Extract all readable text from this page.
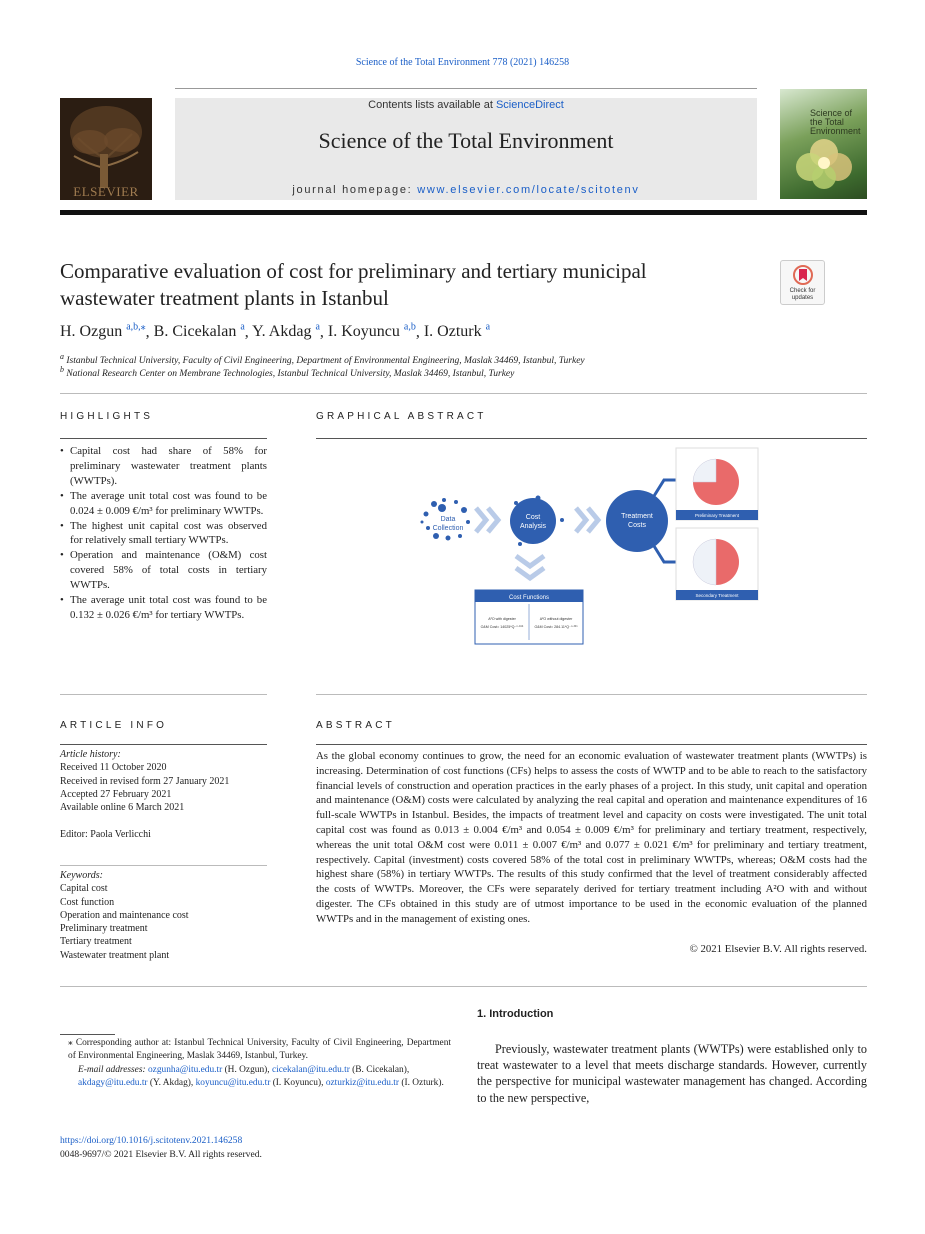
Science of the Total Environment 778 (2021) 146258
ELSEVIER
Contents lists available at ScienceDirect
Science of the Total Environment
journal homepage: www.elsevier.com/locate/scitotenv
Science of the Total Environment
Comparative evaluation of cost for preliminary and tertiary municipal
wastewater treatment plants in Istanbul	Check for
updates
H. Ozgun $^{a,b,⁎}$, B. Cicekalan $^a$, Y. Akdag $^a$, I. Koyuncu $^{a,b}$, I. Ozturk $^a$
$^a$ Istanbul Technical University, Faculty of Civil Engineering, Department of Environmental Engineering, Maslak 34469, Istanbul, Turkey
$^b$ National Research Center on Membrane Technologies, Istanbul Technical University, Maslak 34469, Istanbul, Turkey
HIGHLIGHTS
• Capital cost had share of 58% for preliminary wastewater treatment plants (WWTPs).
• The average unit total cost was found to be 0.024 ± 0.009 €/m³ for preliminary WWTPs.
• The highest unit capital cost was observed for relatively small tertiary WWTPs.
• Operation and maintenance (O&M) cost covered 58% of total costs in tertiary WWTPs.
• The average unit total cost was found to be 0.132 ± 0.026 €/m³ for tertiary WWTPs.
GRAPHICAL ABSTRACT
Data
Collection
Cost
Analysis
Treatment
Costs
Preliminary Treatment
Secondary Treatment
Cost Functions
A²O with digester
O&M Cost= 14025*Q⁻⁰·⁶⁶⁶
A²O without digester
O&M Cost= 284.11*Q⁻⁰·³⁹¹
ARTICLE INFO
Article history:
Received 11 October 2020
Received in revised form 27 January 2021
Accepted 27 February 2021
Available online 6 March 2021
Editor: Paola Verlicchi
Keywords:
Capital cost
Cost function
Operation and maintenance cost
Preliminary treatment
Tertiary treatment
Wastewater treatment plant
ABSTRACT
As the global economy continues to grow, the need for an economic evaluation of wastewater treatment plants (WWTPs) is increasing. Determination of cost functions (CFs) helps to assess the costs of WWTP and to be able to reach to the satisfactory financial levels of construction and operation practices in the early phases of a project. In this study, unit capital and operation and maintenance (O&M) costs were calculated by analyzing the real capital and operation and maintenance expenditures of 16 full-scale WWTPs in Istanbul. Besides, the impacts of treatment level and capacity on costs were investigated. The unit total capital cost was found as 0.013 ± 0.004 €/m³ and 0.054 ± 0.009 €/m³ for preliminary and tertiary treatment, respectively, whereas the unit total O&M cost were 0.011 ± 0.007 €/m³ and 0.077 ± 0.021 €/m³ for preliminary and tertiary treatment, respectively. Capital (investment) costs covered 58% of the total cost in preliminary WWTPs, whereas; O&M costs had the highest share (58%) in tertiary WWTPs. The results of this study confirmed that the level of treatment considerably affected the costs of WWTPs. Moreover, the CFs were separately derived for tertiary treatment including A²O with and without digester. The CFs obtained in this study are of utmost importance to be used in the economic evaluation of the planned WWTPs and in the management of existing ones.
© 2021 Elsevier B.V. All rights reserved.
⁎ Corresponding author at: Istanbul Technical University, Faculty of Civil Engineering, Department of Environmental Engineering, Maslak 34469, Istanbul, Turkey.
E-mail addresses: ozgunha@itu.edu.tr (H. Ozgun), cicekalan@itu.edu.tr (B. Cicekalan), akdagy@itu.edu.tr (Y. Akdag), koyuncu@itu.edu.tr (I. Koyuncu), ozturkiz@itu.edu.tr (I. Ozturk).
https://doi.org/10.1016/j.scitotenv.2021.146258
0048-9697/© 2021 Elsevier B.V. All rights reserved.
1. Introduction
Previously, wastewater treatment plants (WWTPs) were established only to treat wastewater to a level that meets discharge standards. However, currently the perspective for municipal wastewater management has changed. According to the new perspective,
